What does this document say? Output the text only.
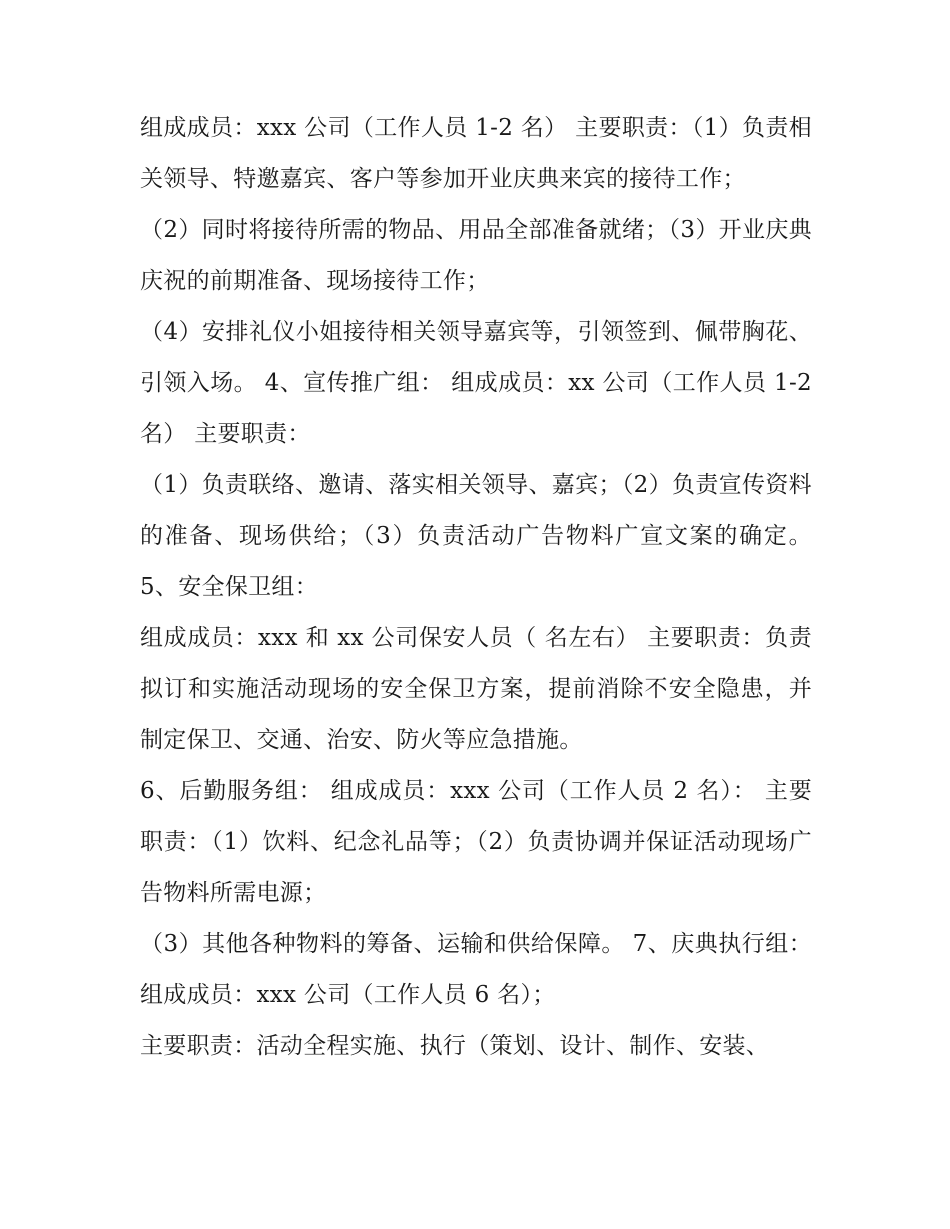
组成成员：xxx 公司（工作人员 1-2 名） 主要职责：（1）负责相关领导、特邀嘉宾、客户等参加开业庆典来宾的接待工作；

（2）同时将接待所需的物品、用品全部准备就绪；（3）开业庆典庆祝的前期准备、现场接待工作；

（4）安排礼仪小姐接待相关领导嘉宾等，引领签到、佩带胸花、引领入场。 4、宣传推广组： 组成成员：xx 公司（工作人员 1-2 名） 主要职责：

（1）负责联络、邀请、落实相关领导、嘉宾；（2）负责宣传资料的准备、现场供给；（3）负责活动广告物料广宣文案的确定。 5、安全保卫组：

组成成员：xxx 和 xx 公司保安人员（ 名左右） 主要职责：负责拟订和实施活动现场的安全保卫方案，提前消除不安全隐患，并制定保卫、交通、治安、防火等应急措施。

6、后勤服务组： 组成成员：xxx 公司（工作人员 2 名）： 主要职责：（1）饮料、纪念礼品等；（2）负责协调并保证活动现场广告物料所需电源；

（3）其他各种物料的筹备、运输和供给保障。 7、庆典执行组： 组成成员：xxx 公司（工作人员 6 名）；

主要职责：活动全程实施、执行（策划、设计、制作、安装、
